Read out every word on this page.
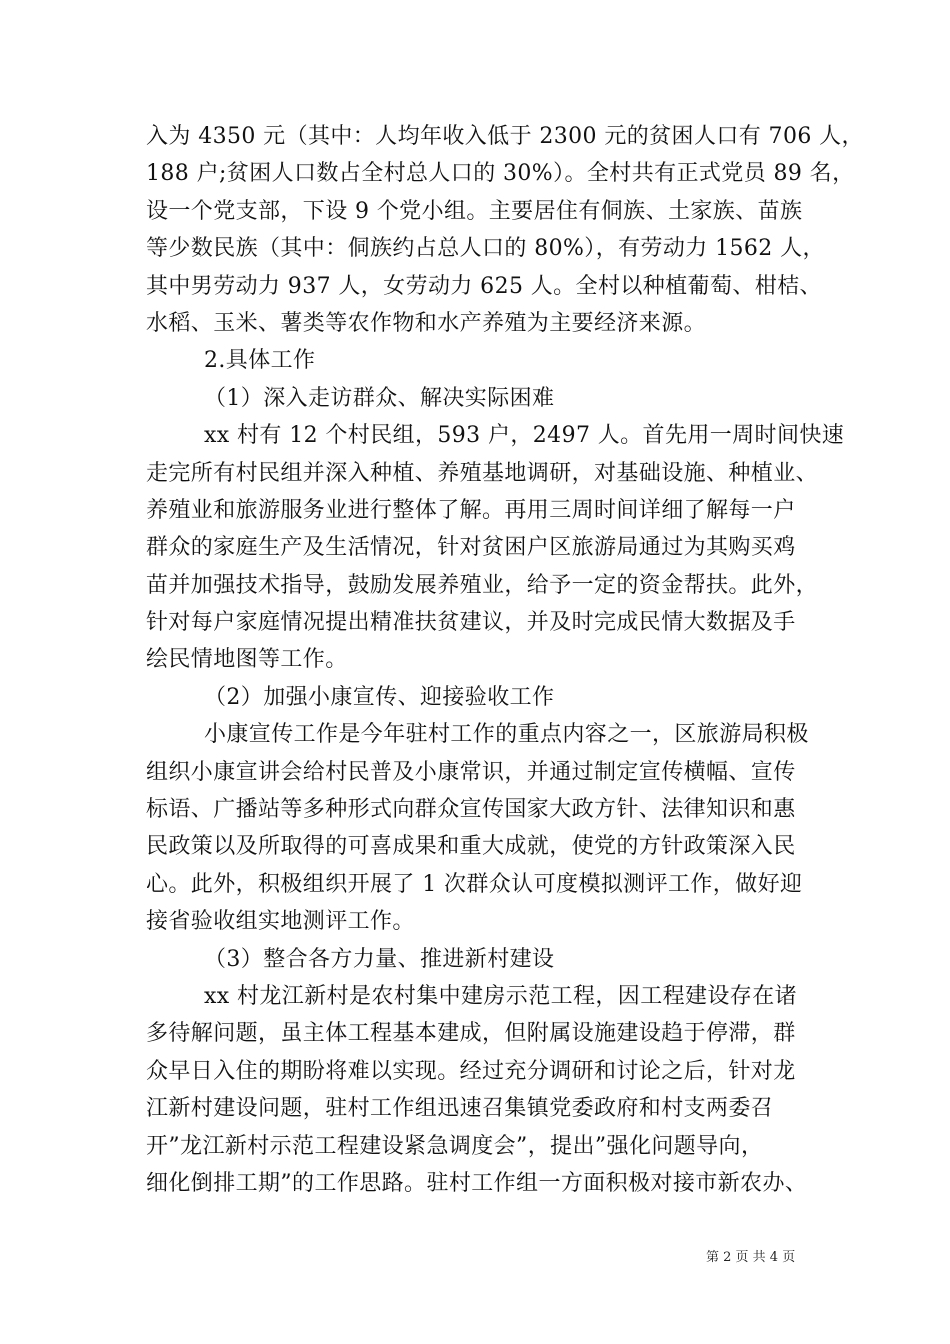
入为 4350 元（其中：人均年收入低于 2300 元的贫困人口有 706 人，
188 户;贫困人口数占全村总人口的 30%）。全村共有正式党员 89 名，
设一个党支部，下设 9 个党小组。主要居住有侗族、土家族、苗族
等少数民族（其中：侗族约占总人口的 80%），有劳动力 1562 人，
其中男劳动力 937 人，女劳动力 625 人。全村以种植葡萄、柑桔、
水稻、玉米、薯类等农作物和水产养殖为主要经济来源。
2.具体工作
（1）深入走访群众、解决实际困难
xx 村有 12 个村民组，593 户，2497 人。首先用一周时间快速
走完所有村民组并深入种植、养殖基地调研，对基础设施、种植业、
养殖业和旅游服务业进行整体了解。再用三周时间详细了解每一户
群众的家庭生产及生活情况，针对贫困户区旅游局通过为其购买鸡
苗并加强技术指导，鼓励发展养殖业，给予一定的资金帮扶。此外，
针对每户家庭情况提出精准扶贫建议，并及时完成民情大数据及手
绘民情地图等工作。
（2）加强小康宣传、迎接验收工作
小康宣传工作是今年驻村工作的重点内容之一，区旅游局积极
组织小康宣讲会给村民普及小康常识，并通过制定宣传横幅、宣传
标语、广播站等多种形式向群众宣传国家大政方针、法律知识和惠
民政策以及所取得的可喜成果和重大成就，使党的方针政策深入民
心。此外，积极组织开展了 1 次群众认可度模拟测评工作，做好迎
接省验收组实地测评工作。
（3）整合各方力量、推进新村建设
xx 村龙江新村是农村集中建房示范工程，因工程建设存在诸
多待解问题，虽主体工程基本建成，但附属设施建设趋于停滞，群
众早日入住的期盼将难以实现。经过充分调研和讨论之后，针对龙
江新村建设问题，驻村工作组迅速召集镇党委政府和村支两委召
开”龙江新村示范工程建设紧急调度会”，提出”强化问题导向，
细化倒排工期”的工作思路。驻村工作组一方面积极对接市新农办、
第 2 页 共 4 页
